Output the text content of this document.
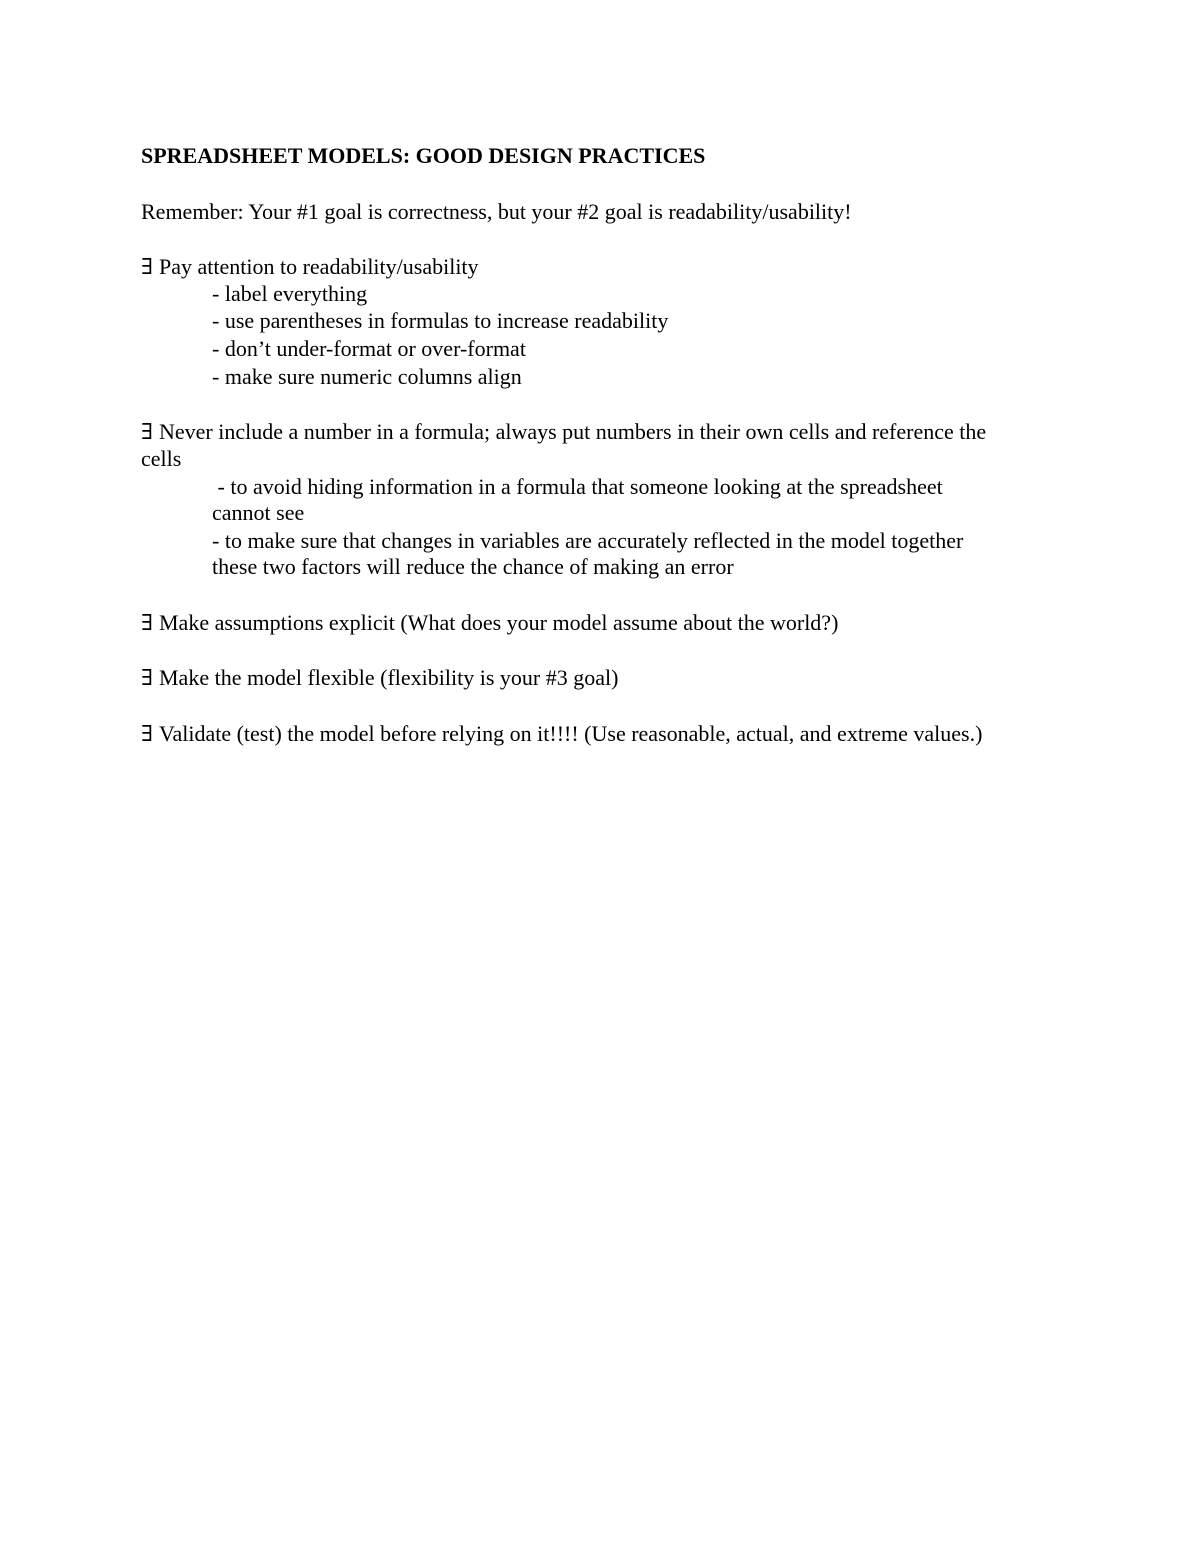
SPREADSHEET MODELS: GOOD DESIGN PRACTICES
Remember: Your #1 goal is correctness, but your #2 goal is readability/usability!
∃ Pay attention to readability/usability
- label everything
- use parentheses in formulas to increase readability
- don’t under-format or over-format
- make sure numeric columns align
∃ Never include a number in a formula; always put numbers in their own cells and reference the
cells
- to avoid hiding information in a formula that someone looking at the spreadsheet
cannot see
- to make sure that changes in variables are accurately reflected in the model together
these two factors will reduce the chance of making an error
∃ Make assumptions explicit (What does your model assume about the world?)
∃ Make the model flexible (flexibility is your #3 goal)
∃ Validate (test) the model before relying on it!!!! (Use reasonable, actual, and extreme values.)
